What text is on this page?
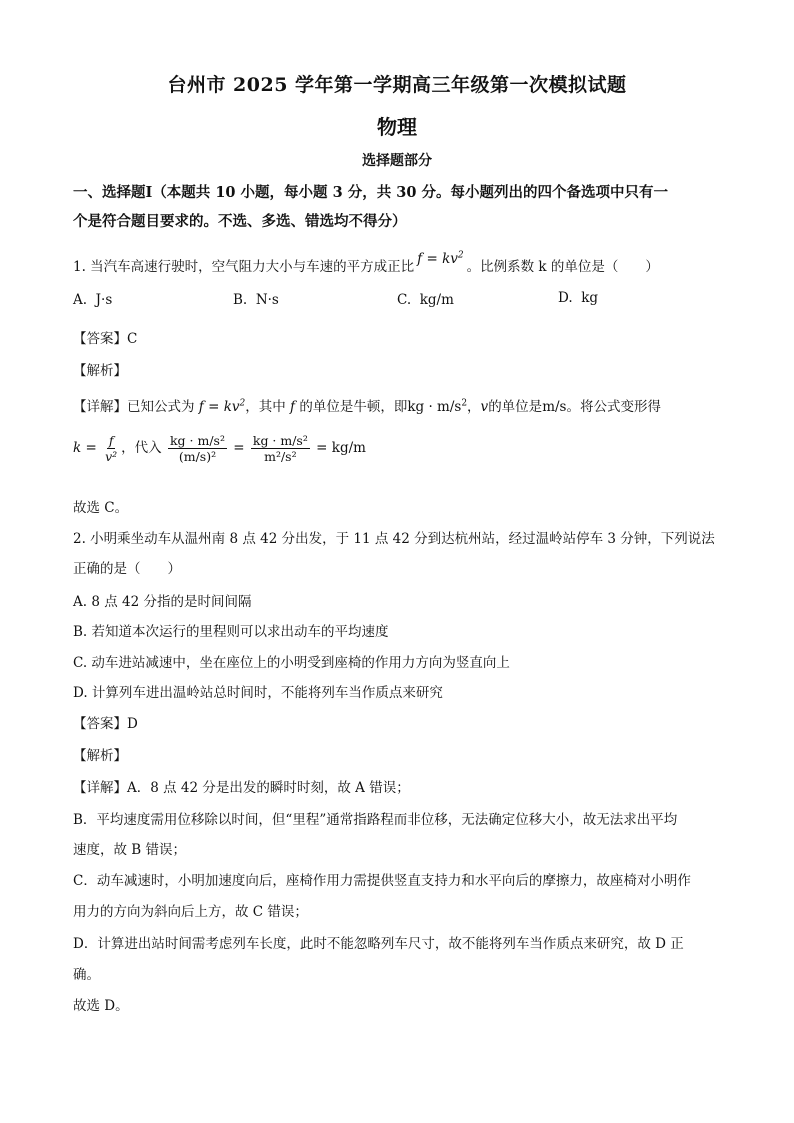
台州市 2025 学年第一学期高三年级第一次模拟试题
物理
选择题部分
一、选择题Ⅰ（本题共 10 小题，每小题 3 分，共 30 分。每小题列出的四个备选项中只有一
个是符合题目要求的。不选、多选、错选均不得分）
1. 当汽车高速行驶时，空气阻力大小与车速的平方成正比 $f = kv^2$。比例系数 k 的单位是（　　）
A. J·s	B. N·s	C. kg/m	D. kg
【答案】C
【解析】
【详解】已知公式为 $f = kv^2$，其中 f 的单位是牛顿，即kg · $m/s^2$，v的单位是m/s。将公式变形得
$k = \frac{f}{\text{v²}}$ ，代入 $\frac{\text{kg · m/s²}}{\text{(m/s)²}} = \frac{\text{kg · m/s²}}{\text{m²/s²}} = kg/m$
故选 C。
2. 小明乘坐动车从温州南 8 点 42 分出发，于 11 点 42 分到达杭州站，经过温岭站停车 3 分钟，下列说法
正确的是（　　）
A. 8 点 42 分指的是时间间隔
B. 若知道本次运行的里程则可以求出动车的平均速度
C. 动车进站减速中，坐在座位上的小明受到座椅的作用力方向为竖直向上
D. 计算列车进出温岭站总时间时，不能将列车当作质点来研究
【答案】D
【解析】
【详解】A．8 点 42 分是出发的瞬时时刻，故 A 错误；
B．平均速度需用位移除以时间，但“里程”通常指路程而非位移，无法确定位移大小，故无法求出平均
速度，故 B 错误；
C．动车减速时，小明加速度向后，座椅作用力需提供竖直支持力和水平向后的摩擦力，故座椅对小明作
用力的方向为斜向后上方，故 C 错误；
D．计算进出站时间需考虑列车长度，此时不能忽略列车尺寸，故不能将列车当作质点来研究，故 D 正
确。
故选 D。
